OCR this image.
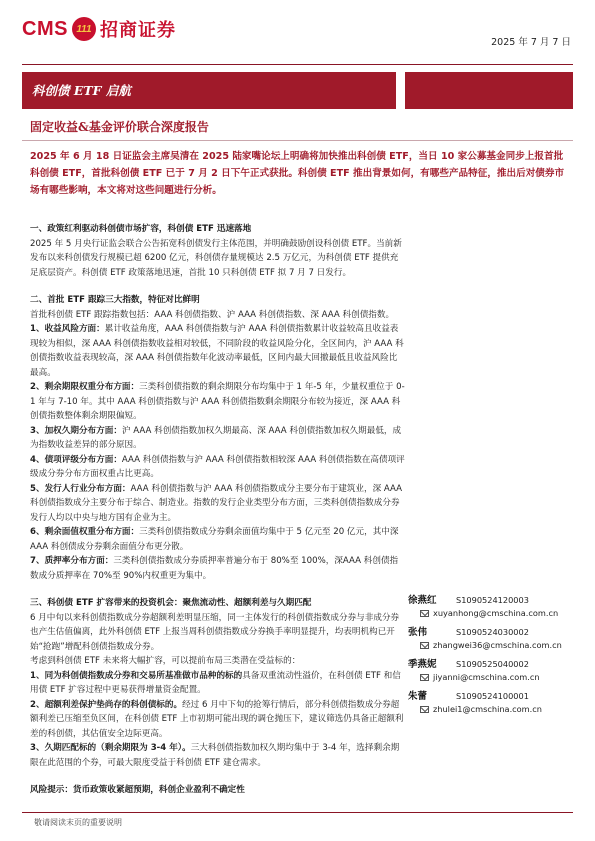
CMS 111 招商证券
2025 年 7 月 7 日
科创债 ETF 启航
固定收益&基金评价联合深度报告
2025 年 6 月 18 日证监会主席吴清在 2025 陆家嘴论坛上明确将加快推出科创债 ETF，当日 10 家公募基金同步上报首批科创债 ETF，首批科创债 ETF 已于 7 月 2 日下午正式获批。科创债 ETF 推出背景如何，有哪些产品特征，推出后对债券市场有哪些影响，本文将对这些问题进行分析。
一、政策红利驱动科创债市场扩容，科创债 ETF 迅速落地
2025 年 5 月央行证监会联合公告拓宽科创债发行主体范围，并明确鼓励创设科创债 ETF。当前新发布以来科创债发行规模已超 6200 亿元，科创债存量规模达 2.5 万亿元，为科创债 ETF 提供充足底层资产。科创债 ETF 政策落地迅速，首批 10 只科创债 ETF 拟 7 月 7 日发行。
二、首批 ETF 跟踪三大指数，特征对比鲜明
首批科创债 ETF 跟踪指数包括：AAA 科创债指数、沪 AAA 科创债指数、深 AAA 科创债指数。
1、收益风险方面：累计收益角度，AAA 科创债指数与沪 AAA 科创债指数累计收益较高且收益表现较为相似，深 AAA 科创债指数收益相对较低，不同阶段的收益风险分化，全区间内，沪 AAA 科创债指数收益表现较高，深 AAA 科创债指数年化波动率最低，区间内最大回撤最低且收益风险比最高。
2、剩余期限权重分布方面：三类科创债指数的剩余期限分布均集中于 1 年-5 年，少量权重位于 0-1 年与 7-10 年。其中 AAA 科创债指数与沪 AAA 科创债指数剩余期限分布较为接近，深 AAA 科创债指数整体剩余期限偏短。
3、加权久期分布方面：沪 AAA 科创债指数加权久期最高、深 AAA 科创债指数加权久期最低，成为指数收益差异的部分原因。
4、债项评级分布方面：AAA 科创债指数与沪 AAA 科创债指数相较深 AAA 科创债指数在高债项评级成分券分布方面权重占比更高。
5、发行人行业分布方面：AAA 科创债指数与沪 AAA 科创债指数成分主要分布于建筑业，深 AAA 科创债指数成分主要分布于综合、制造业。指数的发行企业类型分布方面，三类科创债指数成分券发行人均以中央与地方国有企业为主。
6、剩余面值权重分布方面：三类科创债指数成分券剩余面值均集中于 5 亿元至 20 亿元，其中深 AAA 科创债成分券剩余面值分布更分散。
7、质押率分布方面：三类科创债指数成分券质押率普遍分布于 80%至 100%，深AAA 科创债指数成分质押率在 70%至 90%内权重更为集中。
三、科创债 ETF 扩容带来的投资机会：聚焦流动性、超额利差与久期匹配
6 月中旬以来科创债指数成分券超额利差明显压缩，同一主体发行的科创债指数成分券与非成分券也产生估值偏离，此外科创债 ETF 上报当周科创债指数成分券换手率明显提升，均表明机构已开始“抢跑”增配科创债指数成分券。
考虑到科创债 ETF 未来将大幅扩容，可以提前布局三类潜在受益标的：
1、同为科创债指数成分券和交易所基准做市品种的标的具备双重流动性溢价，在科创债 ETF 和信用债 ETF 扩容过程中更易获得增量资金配置。
2、超额利差保护垫尚存的科创债标的。经过 6 月中下旬的抢筹行情后，部分科创债指数成分券超额利差已压缩至负区间，在科创债 ETF 上市初期可能出现的调仓抛压下，建议筛选仍具备正超额利差的科创债，其估值安全边际更高。
3、久期匹配标的（剩余期限为 3-4 年）。三大科创债指数加权久期均集中于 3-4 年，选择剩余期限在此范围的个券，可最大限度受益于科创债 ETF 建仓需求。
风险提示：货币政策收紧超预期，科创企业盈利不确定性
徐燕红	S1090524120003
xuyanhong@cmschina.com.cn
张伟	S1090524030002
zhangwei36@cmschina.com.cn
季燕妮	S1090525040002
jiyanni@cmschina.com.cn
朱蕾	S1090524100001
zhulei1@cmschina.com.cn
敬请阅读末页的重要说明
